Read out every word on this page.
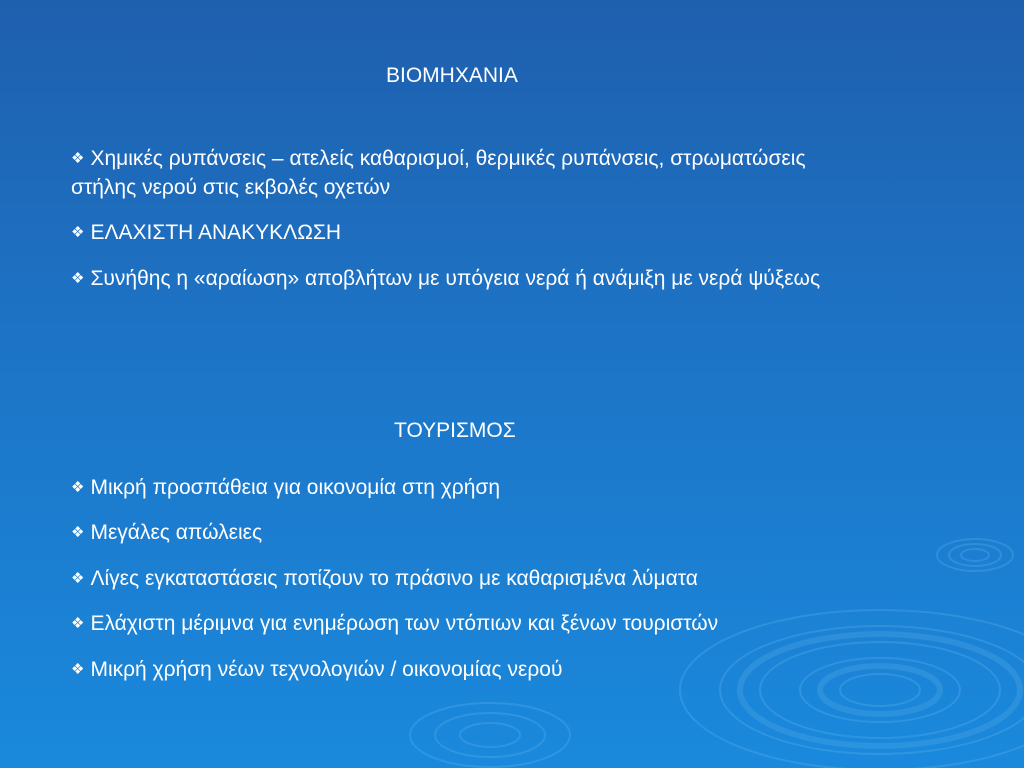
ΒΙΟΜΗΧΑΝΙΑ
❖ Χημικές ρυπάνσεις – ατελείς καθαρισμοί, θερμικές ρυπάνσεις, στρωματώσεις στήλης νερού στις εκβολές οχετών
❖ ΕΛΑΧΙΣΤΗ ΑΝΑΚΥΚΛΩΣΗ
❖ Συνήθης η «αραίωση» αποβλήτων με υπόγεια νερά ή ανάμιξη με νερά ψύξεως
ΤΟΥΡΙΣΜΟΣ
❖ Μικρή προσπάθεια για οικονομία στη χρήση
❖ Μεγάλες απώλειες
❖ Λίγες εγκαταστάσεις ποτίζουν το πράσινο με καθαρισμένα λύματα
❖ Ελάχιστη μέριμνα για ενημέρωση των ντόπιων και ξένων τουριστών
❖ Μικρή χρήση νέων τεχνολογιών / οικονομίας νερού
